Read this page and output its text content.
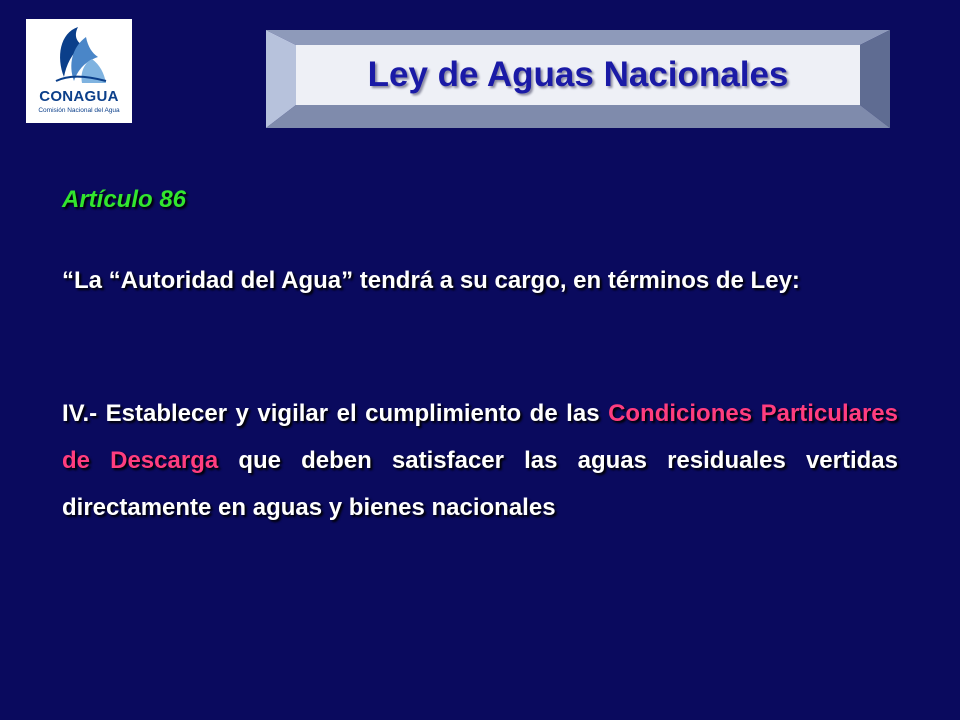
CONAGUA
Comisión Nacional del Agua
Ley de Aguas Nacionales
Artículo 86
“La “Autoridad del Agua” tendrá a su cargo, en términos de Ley:
IV.- Establecer y vigilar el cumplimiento de las Condiciones Particulares de Descarga que deben satisfacer las aguas residuales vertidas directamente en aguas y bienes nacionales
